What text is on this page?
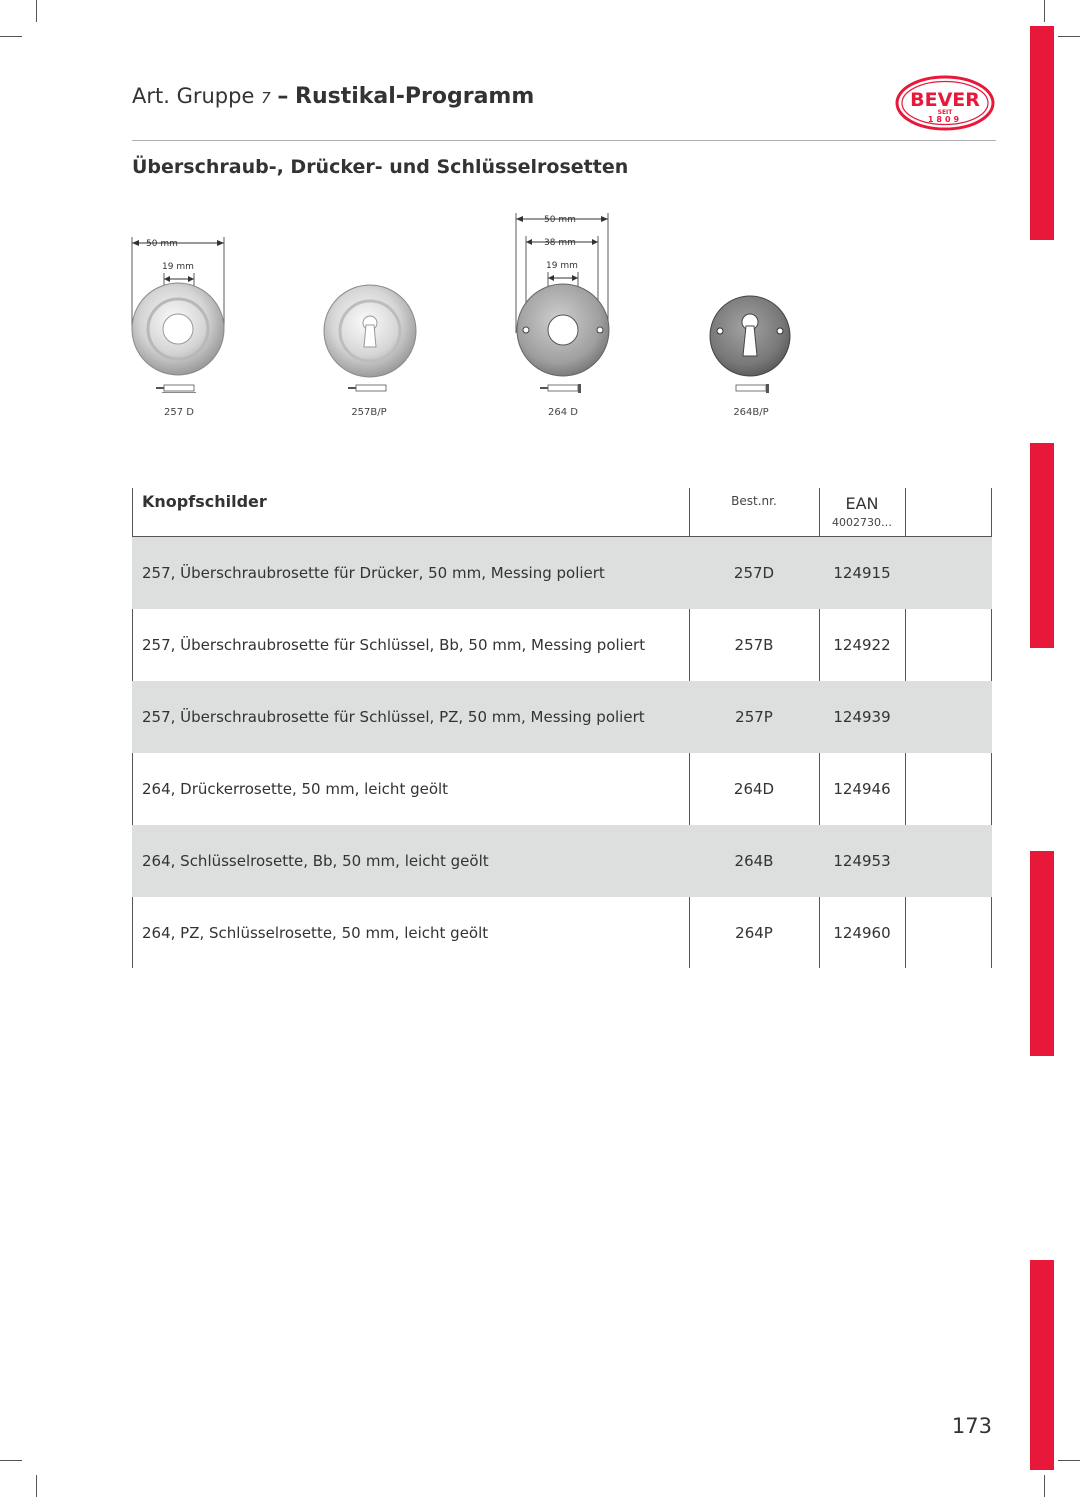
Art. Gruppe 7 – Rustikal-Programm	BEVER
SEIT
1809
Überschraub-, Drücker- und Schlüsselrosetten
50 mm
19 mm
257 D	257B/P
50 mm
38 mm
19 mm
264 D	264B/P
Knopfschilder	Best.nr.	EAN
4002730…
257, Überschraubrosette für Drücker, 50 mm, Messing poliert	257D	124915
257, Überschraubrosette für Schlüssel, Bb, 50 mm, Messing poliert	257B	124922
257, Überschraubrosette für Schlüssel, PZ, 50 mm, Messing poliert	257P	124939
264, Drückerrosette, 50 mm, leicht geölt	264D	124946
264, Schlüsselrosette, Bb, 50 mm, leicht geölt	264B	124953
264, PZ, Schlüsselrosette, 50 mm, leicht geölt	264P	124960
173
